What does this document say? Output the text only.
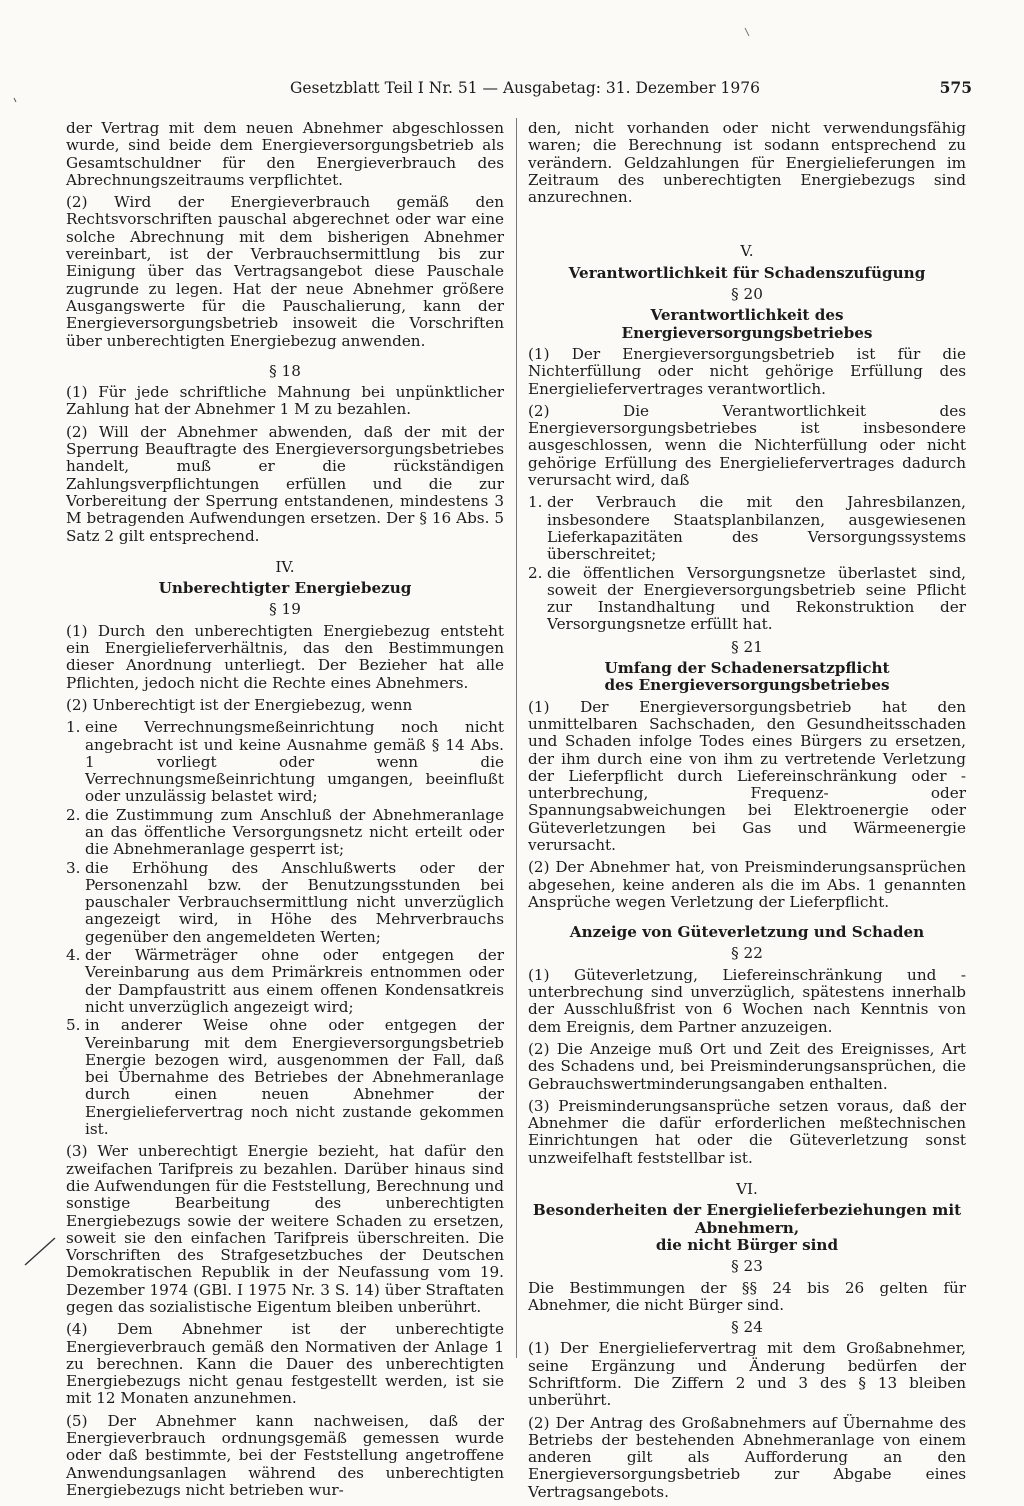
Gesetzblatt Teil I Nr. 51 — Ausgabetag: 31. Dezember 1976	575

der Vertrag mit dem neuen Abnehmer abgeschlossen wurde, sind beide dem Energieversorgungsbetrieb als Gesamtschuldner für den Energieverbrauch des Abrechnungszeitraums verpflichtet.

(2) Wird der Energieverbrauch gemäß den Rechtsvorschriften pauschal abgerechnet oder war eine solche Abrechnung mit dem bisherigen Abnehmer vereinbart, ist der Verbrauchsermittlung bis zur Einigung über das Vertragsangebot diese Pauschale zugrunde zu legen. Hat der neue Abnehmer größere Ausgangswerte für die Pauschalierung, kann der Energieversorgungsbetrieb insoweit die Vorschriften über unberechtigten Energiebezug anwenden.

§ 18

(1) Für jede schriftliche Mahnung bei unpünktlicher Zahlung hat der Abnehmer 1 M zu bezahlen.

(2) Will der Abnehmer abwenden, daß der mit der Sperrung Beauftragte des Energieversorgungsbetriebes handelt, muß er die rückständigen Zahlungsverpflichtungen erfüllen und die zur Vorbereitung der Sperrung entstandenen, mindestens 3 M betragenden Aufwendungen ersetzen. Der § 16 Abs. 5 Satz 2 gilt entsprechend.

IV.
Unberechtigter Energiebezug
§ 19

(1) Durch den unberechtigten Energiebezug entsteht ein Energielieferverhältnis, das den Bestimmungen dieser Anordnung unterliegt. Der Bezieher hat alle Pflichten, jedoch nicht die Rechte eines Abnehmers.

(2) Unberechtigt ist der Energiebezug, wenn

1. eine Verrechnungsmeßeinrichtung noch nicht angebracht ist und keine Ausnahme gemäß § 14 Abs. 1 vorliegt oder wenn die Verrechnungsmeßeinrichtung umgangen, beeinflußt oder unzulässig belastet wird;
2. die Zustimmung zum Anschluß der Abnehmeranlage an das öffentliche Versorgungsnetz nicht erteilt oder die Abnehmeranlage gesperrt ist;
3. die Erhöhung des Anschlußwerts oder der Personenzahl bzw. der Benutzungsstunden bei pauschaler Verbrauchsermittlung nicht unverzüglich angezeigt wird, in Höhe des Mehrverbrauchs gegenüber den angemeldeten Werten;
4. der Wärmeträger ohne oder entgegen der Vereinbarung aus dem Primärkreis entnommen oder der Dampfaustritt aus einem offenen Kondensatkreis nicht unverzüglich angezeigt wird;
5. in anderer Weise ohne oder entgegen der Vereinbarung mit dem Energieversorgungsbetrieb Energie bezogen wird, ausgenommen der Fall, daß bei Übernahme des Betriebes der Abnehmeranlage durch einen neuen Abnehmer der Energieliefervertrag noch nicht zustande gekommen ist.

(3) Wer unberechtigt Energie bezieht, hat dafür den zweifachen Tarifpreis zu bezahlen. Darüber hinaus sind die Aufwendungen für die Feststellung, Berechnung und sonstige Bearbeitung des unberechtigten Energiebezugs sowie der weitere Schaden zu ersetzen, soweit sie den einfachen Tarifpreis überschreiten. Die Vorschriften des Strafgesetzbuches der Deutschen Demokratischen Republik in der Neufassung vom 19. Dezember 1974 (GBl. I 1975 Nr. 3 S. 14) über Straftaten gegen das sozialistische Eigentum bleiben unberührt.

(4) Dem Abnehmer ist der unberechtigte Energieverbrauch gemäß den Normativen der Anlage 1 zu berechnen. Kann die Dauer des unberechtigten Energiebezugs nicht genau festgestellt werden, ist sie mit 12 Monaten anzunehmen.

(5) Der Abnehmer kann nachweisen, daß der Energieverbrauch ordnungsgemäß gemessen wurde oder daß bestimmte, bei der Feststellung angetroffene Anwendungsanlagen während des unberechtigten Energiebezugs nicht betrieben wur-

den, nicht vorhanden oder nicht verwendungsfähig waren; die Berechnung ist sodann entsprechend zu verändern. Geldzahlungen für Energielieferungen im Zeitraum des unberechtigten Energiebezugs sind anzurechnen.

V.
Verantwortlichkeit für Schadenszufügung
§ 20
Verantwortlichkeit des Energieversorgungsbetriebes

(1) Der Energieversorgungsbetrieb ist für die Nichterfüllung oder nicht gehörige Erfüllung des Energieliefervertrages verantwortlich.

(2) Die Verantwortlichkeit des Energieversorgungsbetriebes ist insbesondere ausgeschlossen, wenn die Nichterfüllung oder nicht gehörige Erfüllung des Energieliefervertrages dadurch verursacht wird, daß

1. der Verbrauch die mit den Jahresbilanzen, insbesondere Staatsplanbilanzen, ausgewiesenen Lieferkapazitäten des Versorgungssystems überschreitet;
2. die öffentlichen Versorgungsnetze überlastet sind, soweit der Energieversorgungsbetrieb seine Pflicht zur Instandhaltung und Rekonstruktion der Versorgungsnetze erfüllt hat.
§ 21
Umfang der Schadenersatzpflicht
des Energieversorgungsbetriebes

(1) Der Energieversorgungsbetrieb hat den unmittelbaren Sachschaden, den Gesundheitsschaden und Schaden infolge Todes eines Bürgers zu ersetzen, der ihm durch eine von ihm zu vertretende Verletzung der Lieferpflicht durch Liefereinschränkung oder -unterbrechung, Frequenz- oder Spannungsabweichungen bei Elektroenergie oder Güteverletzungen bei Gas und Wärmeenergie verursacht.

(2) Der Abnehmer hat, von Preisminderungsansprüchen abgesehen, keine anderen als die im Abs. 1 genannten Ansprüche wegen Verletzung der Lieferpflicht.

Anzeige von Güteverletzung und Schaden
§ 22

(1) Güteverletzung, Liefereinschränkung und -unterbrechung sind unverzüglich, spätestens innerhalb der Ausschlußfrist von 6 Wochen nach Kenntnis von dem Ereignis, dem Partner anzuzeigen.

(2) Die Anzeige muß Ort und Zeit des Ereignisses, Art des Schadens und, bei Preisminderungsansprüchen, die Gebrauchswertminderungsangaben enthalten.

(3) Preisminderungsansprüche setzen voraus, daß der Abnehmer die dafür erforderlichen meßtechnischen Einrichtungen hat oder die Güteverletzung sonst unzweifelhaft feststellbar ist.

VI.
Besonderheiten der Energielieferbeziehungen mit Abnehmern,
die nicht Bürger sind
§ 23

Die Bestimmungen der §§ 24 bis 26 gelten für Abnehmer, die nicht Bürger sind.

§ 24

(1) Der Energieliefervertrag mit dem Großabnehmer, seine Ergänzung und Änderung bedürfen der Schriftform. Die Ziffern 2 und 3 des § 13 bleiben unberührt.

(2) Der Antrag des Großabnehmers auf Übernahme des Betriebs der bestehenden Abnehmeranlage von einem anderen gilt als Aufforderung an den Energieversorgungsbetrieb zur Abgabe eines Vertragsangebots.
